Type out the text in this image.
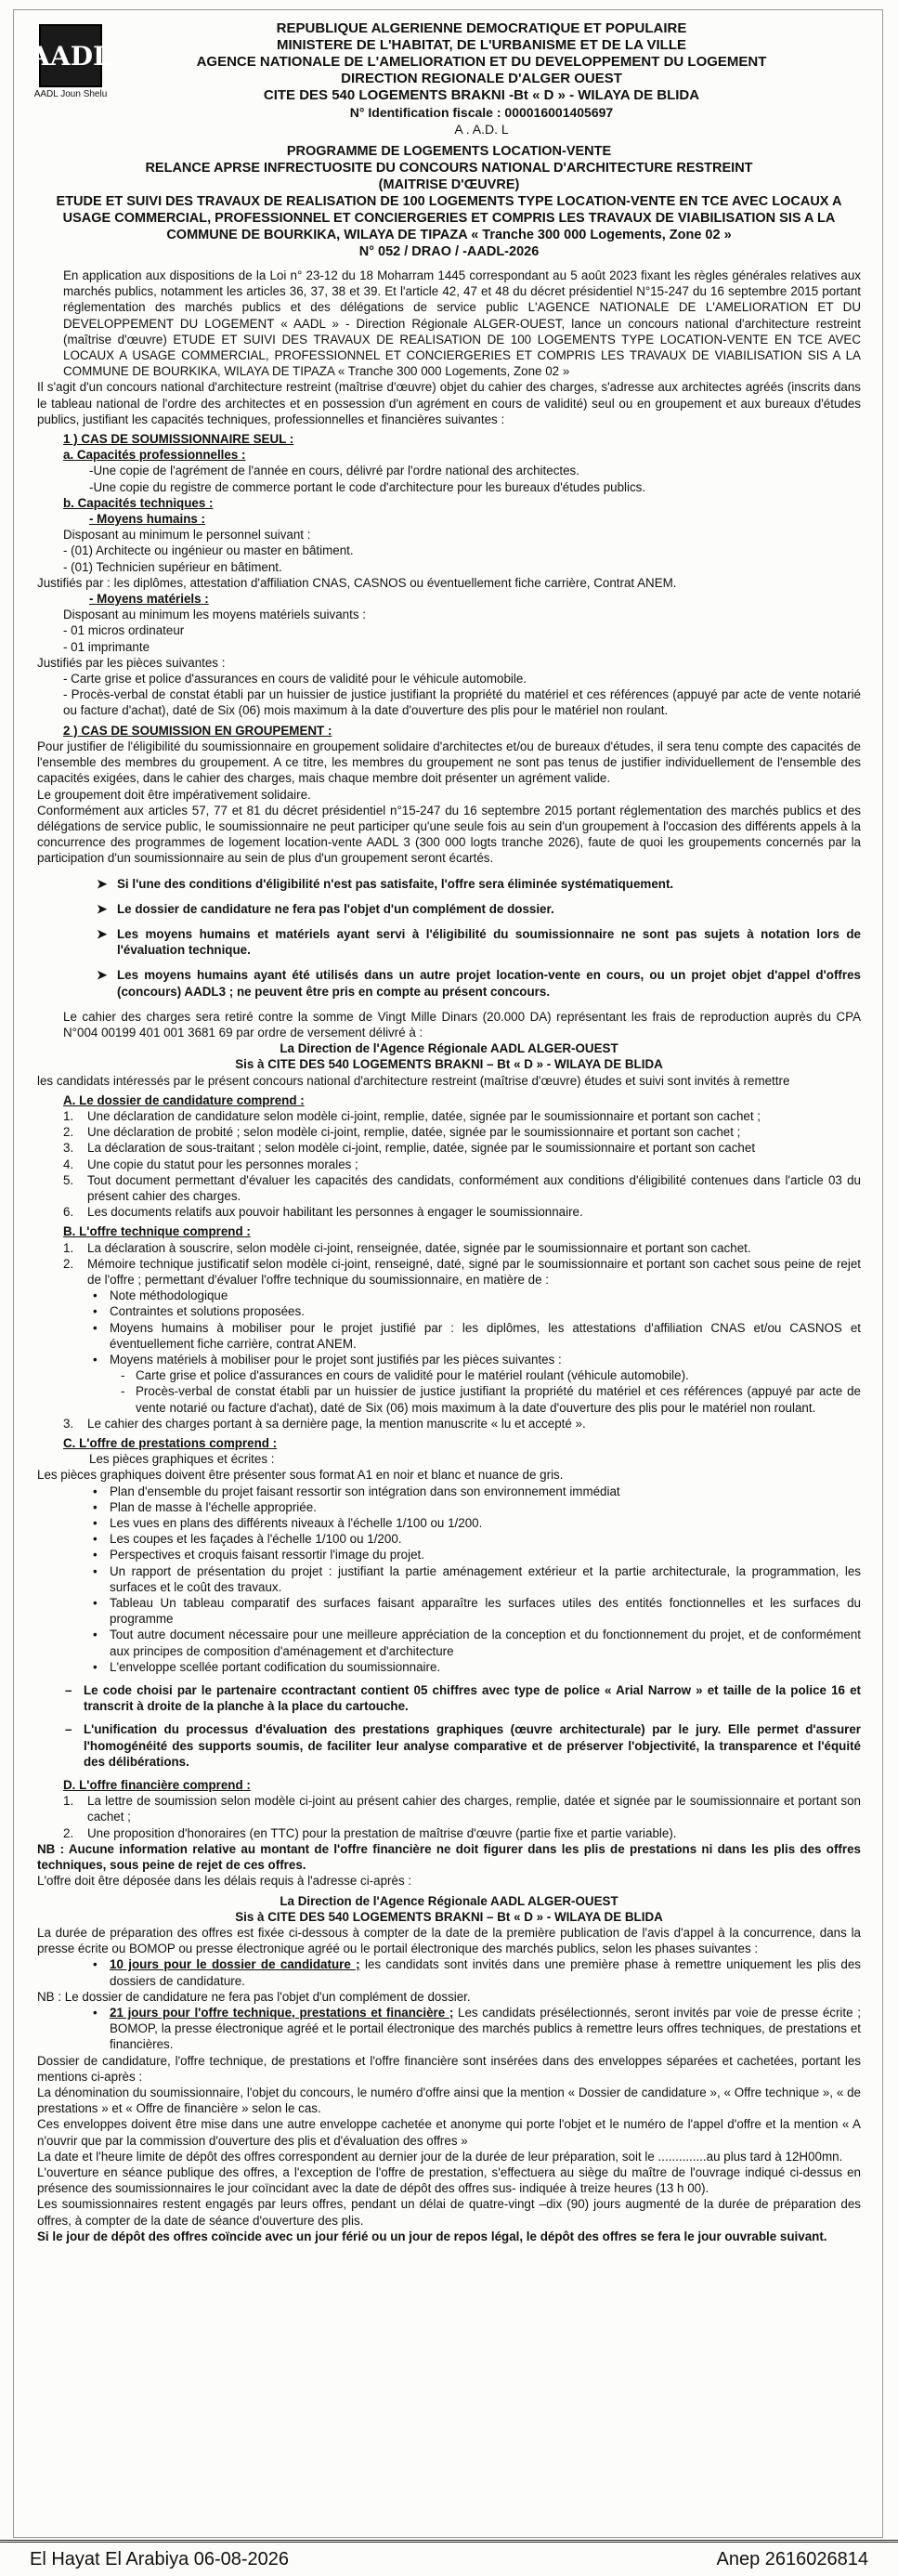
AADL
AADL Joun Shelu

REPUBLIQUE ALGERIENNE DEMOCRATIQUE ET POPULAIRE

MINISTERE DE L'HABITAT, DE L'URBANISME ET DE LA VILLE

AGENCE NATIONALE DE L'AMELIORATION ET DU DEVELOPPEMENT DU LOGEMENT

DIRECTION REGIONALE D'ALGER OUEST

CITE DES 540 LOGEMENTS BRAKNI -Bt « D » - WILAYA DE BLIDA

N° Identification fiscale : 000016001405697

A . A.D. L

PROGRAMME DE LOGEMENTS LOCATION-VENTE

RELANCE APRSE INFRECTUOSITE DU CONCOURS NATIONAL D'ARCHITECTURE RESTREINT

(MAITRISE D'ŒUVRE)

ETUDE ET SUIVI DES TRAVAUX DE REALISATION DE 100 LOGEMENTS TYPE LOCATION-VENTE EN TCE AVEC LOCAUX A USAGE COMMERCIAL, PROFESSIONNEL ET CONCIERGERIES ET COMPRIS LES TRAVAUX DE VIABILISATION SIS A LA COMMUNE DE BOURKIKA, WILAYA DE TIPAZA « Tranche 300 000 Logements, Zone 02 »

N° 052 / DRAO / -AADL-2026

En application aux dispositions de la Loi n° 23-12 du 18 Moharram 1445 correspondant au 5 août 2023 fixant les règles générales relatives aux marchés publics, notamment les articles 36, 37, 38 et 39. Et l'article 42, 47 et 48 du décret présidentiel N°15-247 du 16 septembre 2015 portant réglementation des marchés publics et des délégations de service public L'AGENCE NATIONALE DE L'AMELIORATION ET DU DEVELOPPEMENT DU LOGEMENT « AADL » - Direction Régionale ALGER-OUEST, lance un concours national d'architecture restreint (maîtrise d'œuvre) ETUDE ET SUIVI DES TRAVAUX DE REALISATION DE 100 LOGEMENTS TYPE LOCATION-VENTE EN TCE AVEC LOCAUX A USAGE COMMERCIAL, PROFESSIONNEL ET CONCIERGERIES ET COMPRIS LES TRAVAUX DE VIABILISATION SIS A LA COMMUNE DE BOURKIKA, WILAYA DE TIPAZA « Tranche 300 000 Logements, Zone 02 »

Il s'agit d'un concours national d'architecture restreint (maîtrise d'œuvre) objet du cahier des charges, s'adresse aux architectes agréés (inscrits dans le tableau national de l'ordre des architectes et en possession d'un agrément en cours de validité) seul ou en groupement et aux bureaux d'études publics, justifiant les capacités techniques, professionnelles et financières suivantes :

1 ) CAS DE SOUMISSIONNAIRE SEUL :

a. Capacités professionnelles :

-Une copie de l'agrément de l'année en cours, délivré par l'ordre national des architectes.

-Une copie du registre de commerce portant le code d'architecture pour les bureaux d'études publics.

b. Capacités techniques :

- Moyens humains :

Disposant au minimum le personnel suivant :

- (01) Architecte ou ingénieur ou master en bâtiment.

- (01) Technicien supérieur en bâtiment.

Justifiés par : les diplômes, attestation d'affiliation CNAS, CASNOS ou éventuellement fiche carrière, Contrat ANEM.

- Moyens matériels :

Disposant au minimum les moyens matériels suivants :

- 01 micros ordinateur

- 01 imprimante

Justifiés par les pièces suivantes :

- Carte grise et police d'assurances en cours de validité pour le véhicule automobile.

- Procès-verbal de constat établi par un huissier de justice justifiant la propriété du matériel et ces références (appuyé par acte de vente notarié ou facture d'achat), daté de Six (06) mois maximum à la date d'ouverture des plis pour le matériel non roulant.

2 ) CAS DE SOUMISSION EN GROUPEMENT :

Pour justifier de l'éligibilité du soumissionnaire en groupement solidaire d'architectes et/ou de bureaux d'études, il sera tenu compte des capacités de l'ensemble des membres du groupement. A ce titre, les membres du groupement ne sont pas tenus de justifier individuellement de l'ensemble des capacités exigées, dans le cahier des charges, mais chaque membre doit présenter un agrément valide.

Le groupement doit être impérativement solidaire.

Conformément aux articles 57, 77 et 81 du décret présidentiel n°15-247 du 16 septembre 2015 portant réglementation des marchés publics et des délégations de service public, le soumissionnaire ne peut participer qu'une seule fois au sein d'un groupement à l'occasion des différents appels à la concurrence des programmes de logement location-vente AADL 3 (300 000 logts tranche 2026), faute de quoi les groupements concernés par la participation d'un soumissionnaire au sein de plus d'un groupement seront écartés.

➤ Si l'une des conditions d'éligibilité n'est pas satisfaite, l'offre sera éliminée systématiquement.
➤ Le dossier de candidature ne fera pas l'objet d'un complément de dossier.
➤ Les moyens humains et matériels ayant servi à l'éligibilité du soumissionnaire ne sont pas sujets à notation lors de l'évaluation technique.
➤ Les moyens humains ayant été utilisés dans un autre projet location-vente en cours, ou un projet objet d'appel d'offres (concours) AADL3 ; ne peuvent être pris en compte au présent concours.

Le cahier des charges sera retiré contre la somme de Vingt Mille Dinars (20.000 DA) représentant les frais de reproduction auprès du CPA N°004 00199 401 001 3681 69 par ordre de versement délivré à :

La Direction de l'Agence Régionale AADL ALGER-OUEST

Sis à CITE DES 540 LOGEMENTS BRAKNI – Bt « D » - WILAYA DE BLIDA

les candidats intéressés par le présent concours national d'architecture restreint (maîtrise d'œuvre) études et suivi sont invités à remettre

A. Le dossier de candidature comprend :

1.	Une déclaration de candidature selon modèle ci-joint, remplie, datée, signée par le soumissionnaire et portant son cachet ;
2.	Une déclaration de probité ; selon modèle ci-joint, remplie, datée, signée par le soumissionnaire et portant son cachet ;
3.	La déclaration de sous-traitant ; selon modèle ci-joint, remplie, datée, signée par le soumissionnaire et portant son cachet
4.	Une copie du statut pour les personnes morales ;
5.	Tout document permettant d'évaluer les capacités des candidats, conformément aux conditions d'éligibilité contenues dans l'article 03 du présent cahier des charges.
6.	Les documents relatifs aux pouvoir habilitant les personnes à engager le soumissionnaire.

B. L'offre technique comprend :

1.	La déclaration à souscrire, selon modèle ci-joint, renseignée, datée, signée par le soumissionnaire et portant son cachet.
2.	Mémoire technique justificatif selon modèle ci-joint, renseigné, daté, signé par le soumissionnaire et portant son cachet sous peine de rejet de l'offre ; permettant d'évaluer l'offre technique du soumissionnaire, en matière de :
• Note méthodologique
• Contraintes et solutions proposées.
• Moyens humains à mobiliser pour le projet justifié par : les diplômes, les attestations d'affiliation CNAS et/ou CASNOS et éventuellement fiche carrière, contrat ANEM.
• Moyens matériels à mobiliser pour le projet sont justifiés par les pièces suivantes :
- Carte grise et police d'assurances en cours de validité pour le matériel roulant (véhicule automobile).
- Procès-verbal de constat établi par un huissier de justice justifiant la propriété du matériel et ces références (appuyé par acte de vente notarié ou facture d'achat), daté de Six (06) mois maximum à la date d'ouverture des plis pour le matériel non roulant.
3.	Le cahier des charges portant à sa dernière page, la mention manuscrite « lu et accepté ».

C. L'offre de prestations comprend :

Les pièces graphiques et écrites :

Les pièces graphiques doivent être présenter sous format A1 en noir et blanc et nuance de gris.

• Plan d'ensemble du projet faisant ressortir son intégration dans son environnement immédiat
• Plan de masse à l'échelle appropriée.
• Les vues en plans des différents niveaux à l'échelle 1/100 ou 1/200.
• Les coupes et les façades à l'échelle 1/100 ou 1/200.
• Perspectives et croquis faisant ressortir l'image du projet.
• Un rapport de présentation du projet : justifiant la partie aménagement extérieur et la partie architecturale, la programmation, les surfaces et le coût des travaux.
• Tableau Un tableau comparatif des surfaces faisant apparaître les surfaces utiles des entités fonctionnelles et les surfaces du programme
• Tout autre document nécessaire pour une meilleure appréciation de la conception et du fonctionnement du projet, et de conformément aux principes de composition d'aménagement et d'architecture
• L'enveloppe scellée portant codification du soumissionnaire.
– Le code choisi par le partenaire ccontractant contient 05 chiffres avec type de police « Arial Narrow » et taille de la police 16 et transcrit à droite de la planche à la place du cartouche.
– L'unification du processus d'évaluation des prestations graphiques (œuvre architecturale) par le jury. Elle permet d'assurer l'homogénéité des supports soumis, de faciliter leur analyse comparative et de préserver l'objectivité, la transparence et l'équité des délibérations.

D. L'offre financière comprend :

1.	La lettre de soumission selon modèle ci-joint au présent cahier des charges, remplie, datée et signée par le soumissionnaire et portant son cachet ;
2.	Une proposition d'honoraires (en TTC) pour la prestation de maîtrise d'œuvre (partie fixe et partie variable).

NB : Aucune information relative au montant de l'offre financière ne doit figurer dans les plis de prestations ni dans les plis des offres techniques, sous peine de rejet de ces offres.

L'offre doit être déposée dans les délais requis à l'adresse ci-après :

La Direction de l'Agence Régionale AADL ALGER-OUEST

Sis à CITE DES 540 LOGEMENTS BRAKNI – Bt « D » - WILAYA DE BLIDA

La durée de préparation des offres est fixée ci-dessous à compter de la date de la première publication de l'avis d'appel à la concurrence, dans la presse écrite ou BOMOP ou presse électronique agréé ou le portail électronique des marchés publics, selon les phases suivantes :

• 10 jours pour le dossier de candidature ; les candidats sont invités dans une première phase à remettre uniquement les plis des dossiers de candidature.

NB : Le dossier de candidature ne fera pas l'objet d'un complément de dossier.

• 21 jours pour l'offre technique, prestations et financière ; Les candidats présélectionnés, seront invités par voie de presse écrite ; BOMOP, la presse électronique agréé et le portail électronique des marchés publics à remettre leurs offres techniques, de prestations et financières.

Dossier de candidature, l'offre technique, de prestations et l'offre financière sont insérées dans des enveloppes séparées et cachetées, portant les mentions ci-après :

La dénomination du soumissionnaire, l'objet du concours, le numéro d'offre ainsi que la mention « Dossier de candidature », « Offre technique », « de prestations » et « Offre de financière » selon le cas.

Ces enveloppes doivent être mise dans une autre enveloppe cachetée et anonyme qui porte l'objet et le numéro de l'appel d'offre et la mention « A n'ouvrir que par la commission d'ouverture des plis et d'évaluation des offres »

La date et l'heure limite de dépôt des offres correspondent au dernier jour de la durée de leur préparation, soit le ..............au plus tard à 12H00mn.

L'ouverture en séance publique des offres, a l'exception de l'offre de prestation, s'effectuera au siège du maître de l'ouvrage indiqué ci-dessus en présence des soumissionnaires le jour coïncidant avec la date de dépôt des offres sus- indiquée à treize heures (13 h 00).

Les soumissionnaires restent engagés par leurs offres, pendant un délai de quatre-vingt –dix (90) jours augmenté de la durée de préparation des offres, à compter de la date de séance d'ouverture des plis.

Si le jour de dépôt des offres coïncide avec un jour férié ou un jour de repos légal, le dépôt des offres se fera le jour ouvrable suivant.

El Hayat El Arabiya 06-08-2026	Anep 2616026814
